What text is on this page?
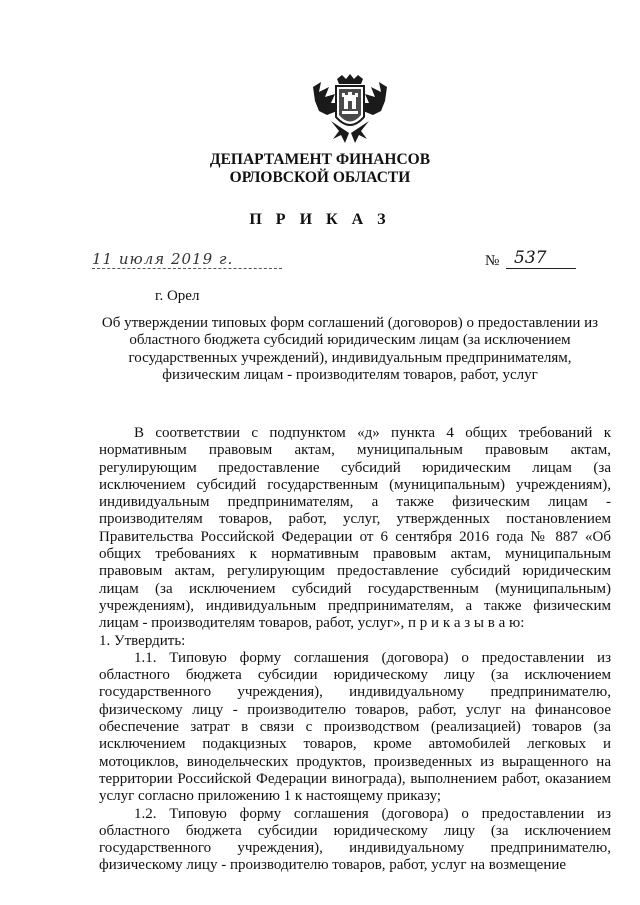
ДЕПАРТАМЕНТ ФИНАНСОВ
ОРЛОВСКОЙ ОБЛАСТИ
П Р И К А З
11 июля 2019 г.	№ 537
г. Орел
Об утверждении типовых форм соглашений (договоров) о предоставлении из областного бюджета субсидий юридическим лицам (за исключением государственных учреждений), индивидуальным предпринимателям, физическим лицам - производителям товаров, работ, услуг

В соответствии с подпунктом «д» пункта 4 общих требований к нормативным правовым актам, муниципальным правовым актам, регулирующим предоставление субсидий юридическим лицам (за исключением субсидий государственным (муниципальным) учреждениям), индивидуальным предпринимателям, а также физическим лицам - производителям товаров, работ, услуг, утвержденных постановлением Правительства Российской Федерации от 6 сентября 2016 года № 887 «Об общих требованиях к нормативным правовым актам, муниципальным правовым актам, регулирующим предоставление субсидий юридическим лицам (за исключением субсидий государственным (муниципальным) учреждениям), индивидуальным предпринимателям, а также физическим лицам - производителям товаров, работ, услуг», п р и к а з ы в а ю:

1. Утвердить:

1.1. Типовую форму соглашения (договора) о предоставлении из областного бюджета субсидии юридическому лицу (за исключением государственного учреждения), индивидуальному предпринимателю, физическому лицу - производителю товаров, работ, услуг на финансовое обеспечение затрат в связи с производством (реализацией) товаров (за исключением подакцизных товаров, кроме автомобилей легковых и мотоциклов, винодельческих продуктов, произведенных из выращенного на территории Российской Федерации винограда), выполнением работ, оказанием услуг согласно приложению 1 к настоящему приказу;

1.2. Типовую форму соглашения (договора) о предоставлении из областного бюджета субсидии юридическому лицу (за исключением государственного учреждения), индивидуальному предпринимателю, физическому лицу - производителю товаров, работ, услуг на возмещение
